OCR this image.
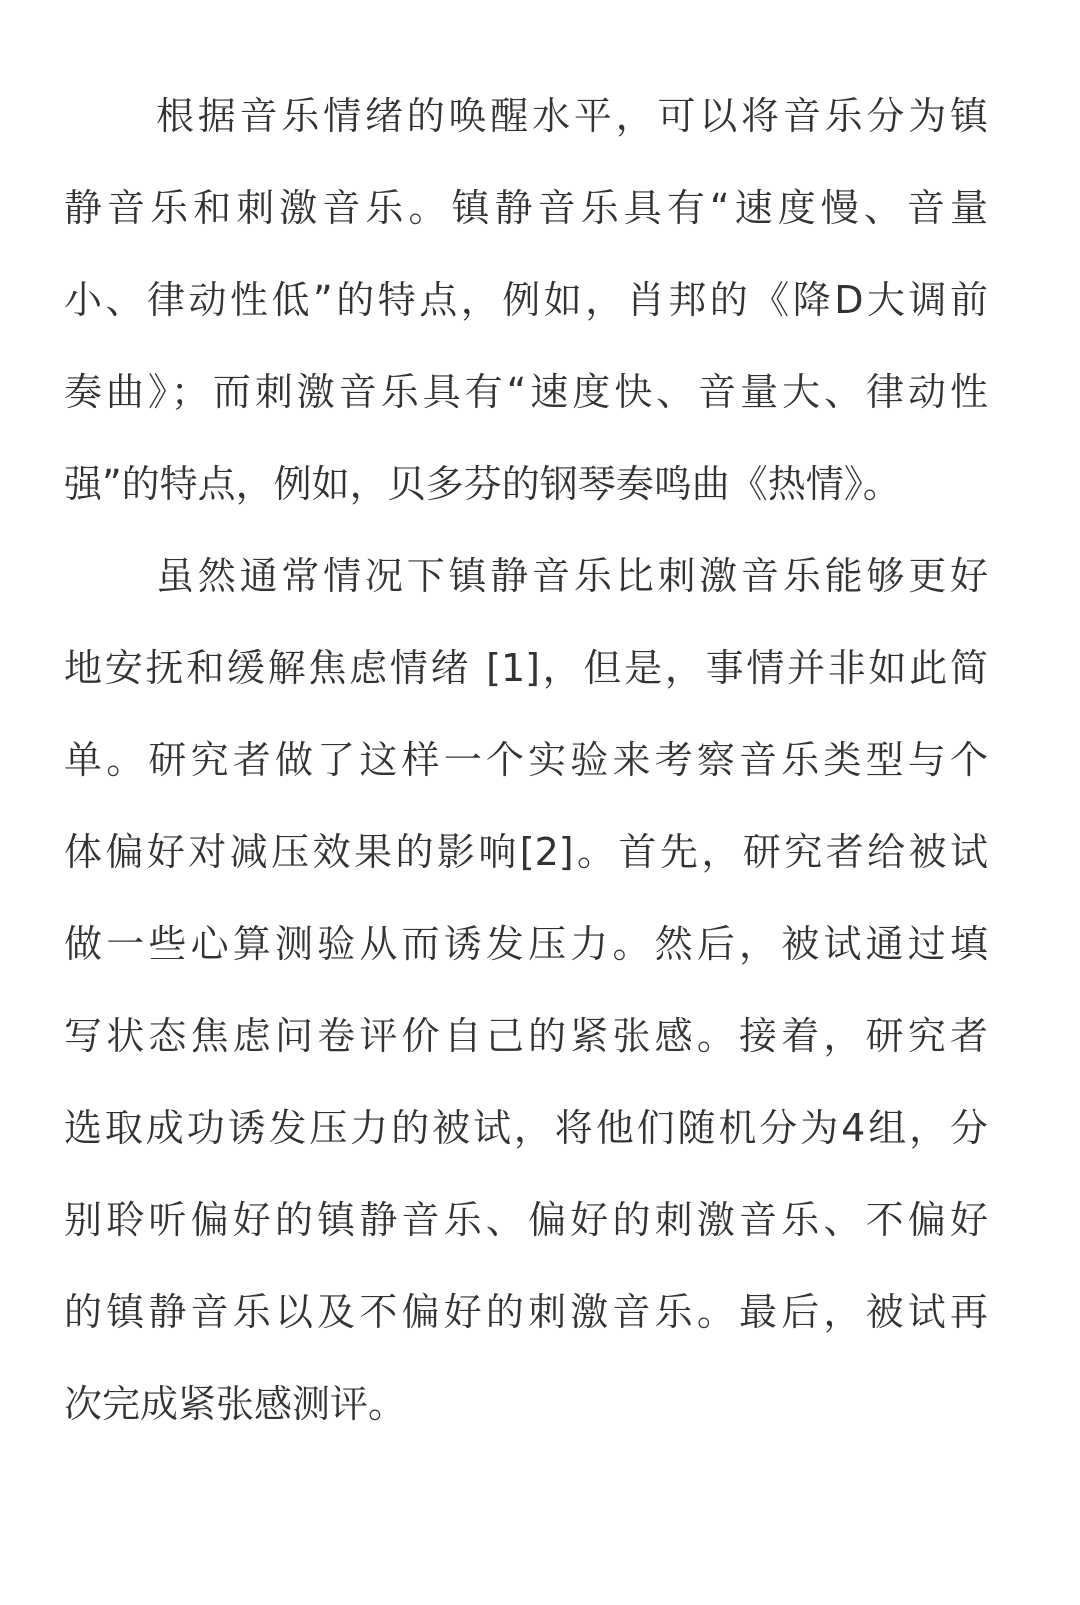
根据音乐情绪的唤醒水平，可以将音乐分为镇
静音乐和刺激音乐。镇静音乐具有“速度慢、音量
小、律动性低”的特点，例如，肖邦的《降D大调前
奏曲》；而刺激音乐具有“速度快、音量大、律动性
强”的特点，例如，贝多芬的钢琴奏鸣曲《热情》。

虽然通常情况下镇静音乐比刺激音乐能够更好
地安抚和缓解焦虑情绪 [1]，但是，事情并非如此简
单。研究者做了这样一个实验来考察音乐类型与个
体偏好对减压效果的影响[2]。首先，研究者给被试
做一些心算测验从而诱发压力。然后，被试通过填
写状态焦虑问卷评价自己的紧张感。接着，研究者
选取成功诱发压力的被试，将他们随机分为4组，分
别聆听偏好的镇静音乐、偏好的刺激音乐、不偏好
的镇静音乐以及不偏好的刺激音乐。最后，被试再
次完成紧张感测评。
